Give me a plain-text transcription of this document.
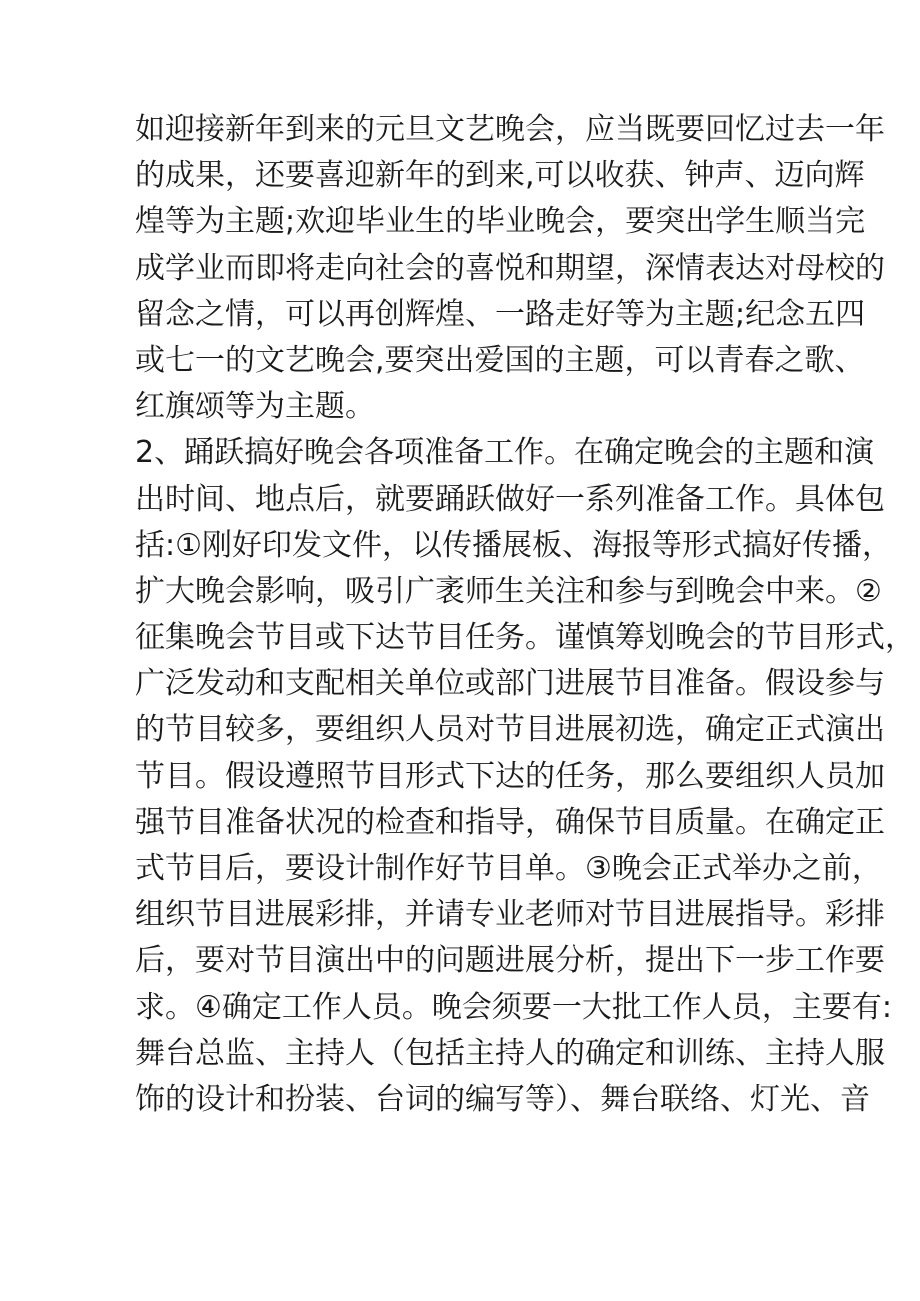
如迎接新年到来的元旦文艺晚会，应当既要回忆过去一年
的成果，还要喜迎新年的到来,可以收获、钟声、迈向辉
煌等为主题;欢迎毕业生的毕业晚会，要突出学生顺当完
成学业而即将走向社会的喜悦和期望，深情表达对母校的
留念之情，可以再创辉煌、一路走好等为主题;纪念五四
或七一的文艺晚会,要突出爱国的主题，可以青春之歌、
红旗颂等为主题。
2、踊跃搞好晚会各项准备工作。在确定晚会的主题和演
出时间、地点后，就要踊跃做好一系列准备工作。具体包
括:①刚好印发文件，以传播展板、海报等形式搞好传播，
扩大晚会影响，吸引广袤师生关注和参与到晚会中来。②
征集晚会节目或下达节目任务。谨慎筹划晚会的节目形式，
广泛发动和支配相关单位或部门进展节目准备。假设参与
的节目较多，要组织人员对节目进展初选，确定正式演出
节目。假设遵照节目形式下达的任务，那么要组织人员加
强节目准备状况的检查和指导，确保节目质量。在确定正
式节目后，要设计制作好节目单。③晚会正式举办之前，
组织节目进展彩排，并请专业老师对节目进展指导。彩排
后，要对节目演出中的问题进展分析，提出下一步工作要
求。④确定工作人员。晚会须要一大批工作人员，主要有:
舞台总监、主持人（包括主持人的确定和训练、主持人服
饰的设计和扮装、台词的编写等）、舞台联络、灯光、音
